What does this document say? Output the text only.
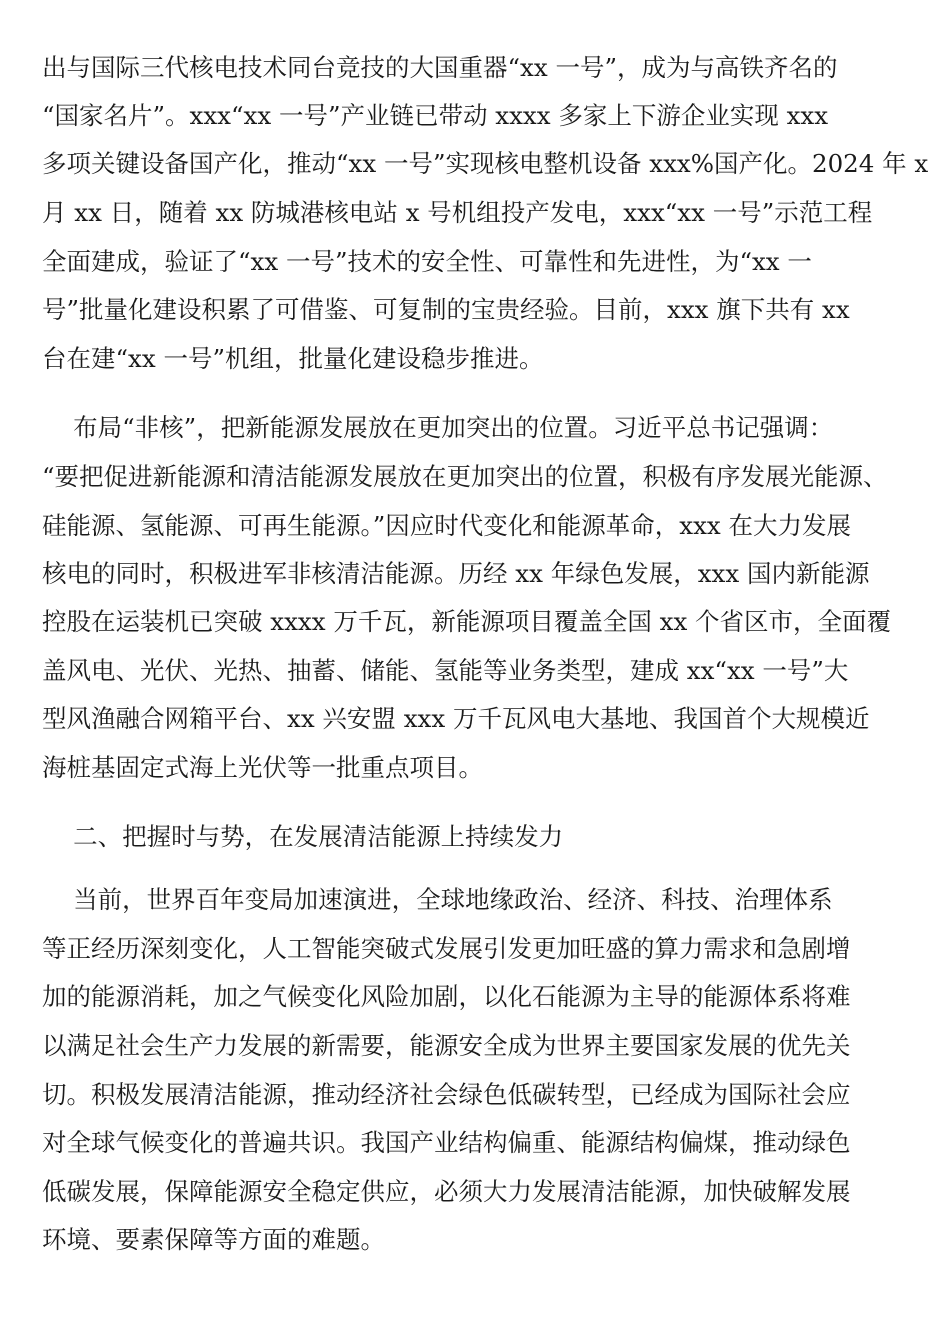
出与国际三代核电技术同台竞技的大国重器“xx 一号”，成为与高铁齐名的

“国家名片”。xxx“xx 一号”产业链已带动 xxxx 多家上下游企业实现 xxx

多项关键设备国产化，推动“xx 一号”实现核电整机设备 xxx%国产化。2024 年 x

月 xx 日，随着 xx 防城港核电站 x 号机组投产发电，xxx“xx 一号”示范工程

全面建成，验证了“xx 一号”技术的安全性、可靠性和先进性，为“xx 一

号”批量化建设积累了可借鉴、可复制的宝贵经验。目前，xxx 旗下共有 xx

台在建“xx 一号”机组，批量化建设稳步推进。

布局“非核”，把新能源发展放在更加突出的位置。习近平总书记强调：

“要把促进新能源和清洁能源发展放在更加突出的位置，积极有序发展光能源、

硅能源、氢能源、可再生能源。”因应时代变化和能源革命，xxx 在大力发展

核电的同时，积极进军非核清洁能源。历经 xx 年绿色发展，xxx 国内新能源

控股在运装机已突破 xxxx 万千瓦，新能源项目覆盖全国 xx 个省区市，全面覆

盖风电、光伏、光热、抽蓄、储能、氢能等业务类型，建成 xx“xx 一号”大

型风渔融合网箱平台、xx 兴安盟 xxx 万千瓦风电大基地、我国首个大规模近

海桩基固定式海上光伏等一批重点项目。

二、把握时与势，在发展清洁能源上持续发力

当前，世界百年变局加速演进，全球地缘政治、经济、科技、治理体系

等正经历深刻变化，人工智能突破式发展引发更加旺盛的算力需求和急剧增

加的能源消耗，加之气候变化风险加剧，以化石能源为主导的能源体系将难

以满足社会生产力发展的新需要，能源安全成为世界主要国家发展的优先关

切。积极发展清洁能源，推动经济社会绿色低碳转型，已经成为国际社会应

对全球气候变化的普遍共识。我国产业结构偏重、能源结构偏煤，推动绿色

低碳发展，保障能源安全稳定供应，必须大力发展清洁能源，加快破解发展

环境、要素保障等方面的难题。
